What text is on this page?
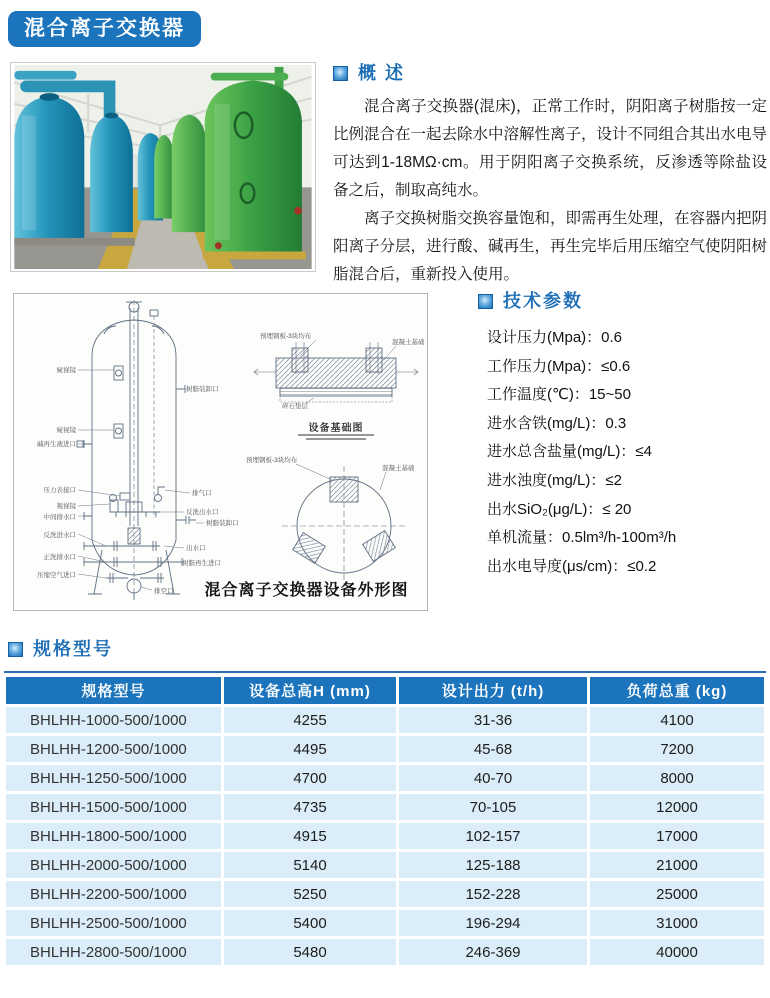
混合离子交换器
概 述

混合离子交换器(混床)，正常工作时，阴阳离子树脂按一定比例混合在一起去除水中溶解性离子，设计不同组合其出水电导可达到1-18MΩ·cm。用于阴阳离子交换系统，反渗透等除盐设备之后，制取高纯水。

离子交换树脂交换容量饱和，即需再生处理，在容器内把阴阳离子分层，进行酸、碱再生，再生完毕后用压缩空气使阴阳树脂混合后，重新投入使用。

窥视镜
窥视镜
碱再生液进口
压力表接口
观视镜
中间排水口
反洗进水口
正洗排水口
压缩空气进口
树脂装卸口
排气口
反洗出水口
树脂装卸口
出水口
树脂再生进口
排空口
预埋钢板-3块均布
混凝土基础
碎石垫层
设备基础图
预埋钢板-3块均布
混凝土基础
混合离子交换器设备外形图
技术参数
设计压力(Mpa)：0.6
工作压力(Mpa)：≤0.6
工作温度(℃)：15~50
进水含铁(mg/L)：0.3
进水总含盐量(mg/L)：≤4
进水浊度(mg/L)：≤2
出水SiO₂(μg/L)：≤ 20
单机流量：0.5lm³/h-100m³/h
出水电导度(μs/cm)：≤0.2
规格型号
规格型号	设备总高H (mm)	设计出力 (t/h)	负荷总重 (kg)
BHLHH-1000-500/1000	4255	31-36	4100
BHLHH-1200-500/1000	4495	45-68	7200
BHLHH-1250-500/1000	4700	40-70	8000
BHLHH-1500-500/1000	4735	70-105	12000
BHLHH-1800-500/1000	4915	102-157	17000
BHLHH-2000-500/1000	5140	125-188	21000
BHLHH-2200-500/1000	5250	152-228	25000
BHLHH-2500-500/1000	5400	196-294	31000
BHLHH-2800-500/1000	5480	246-369	40000
